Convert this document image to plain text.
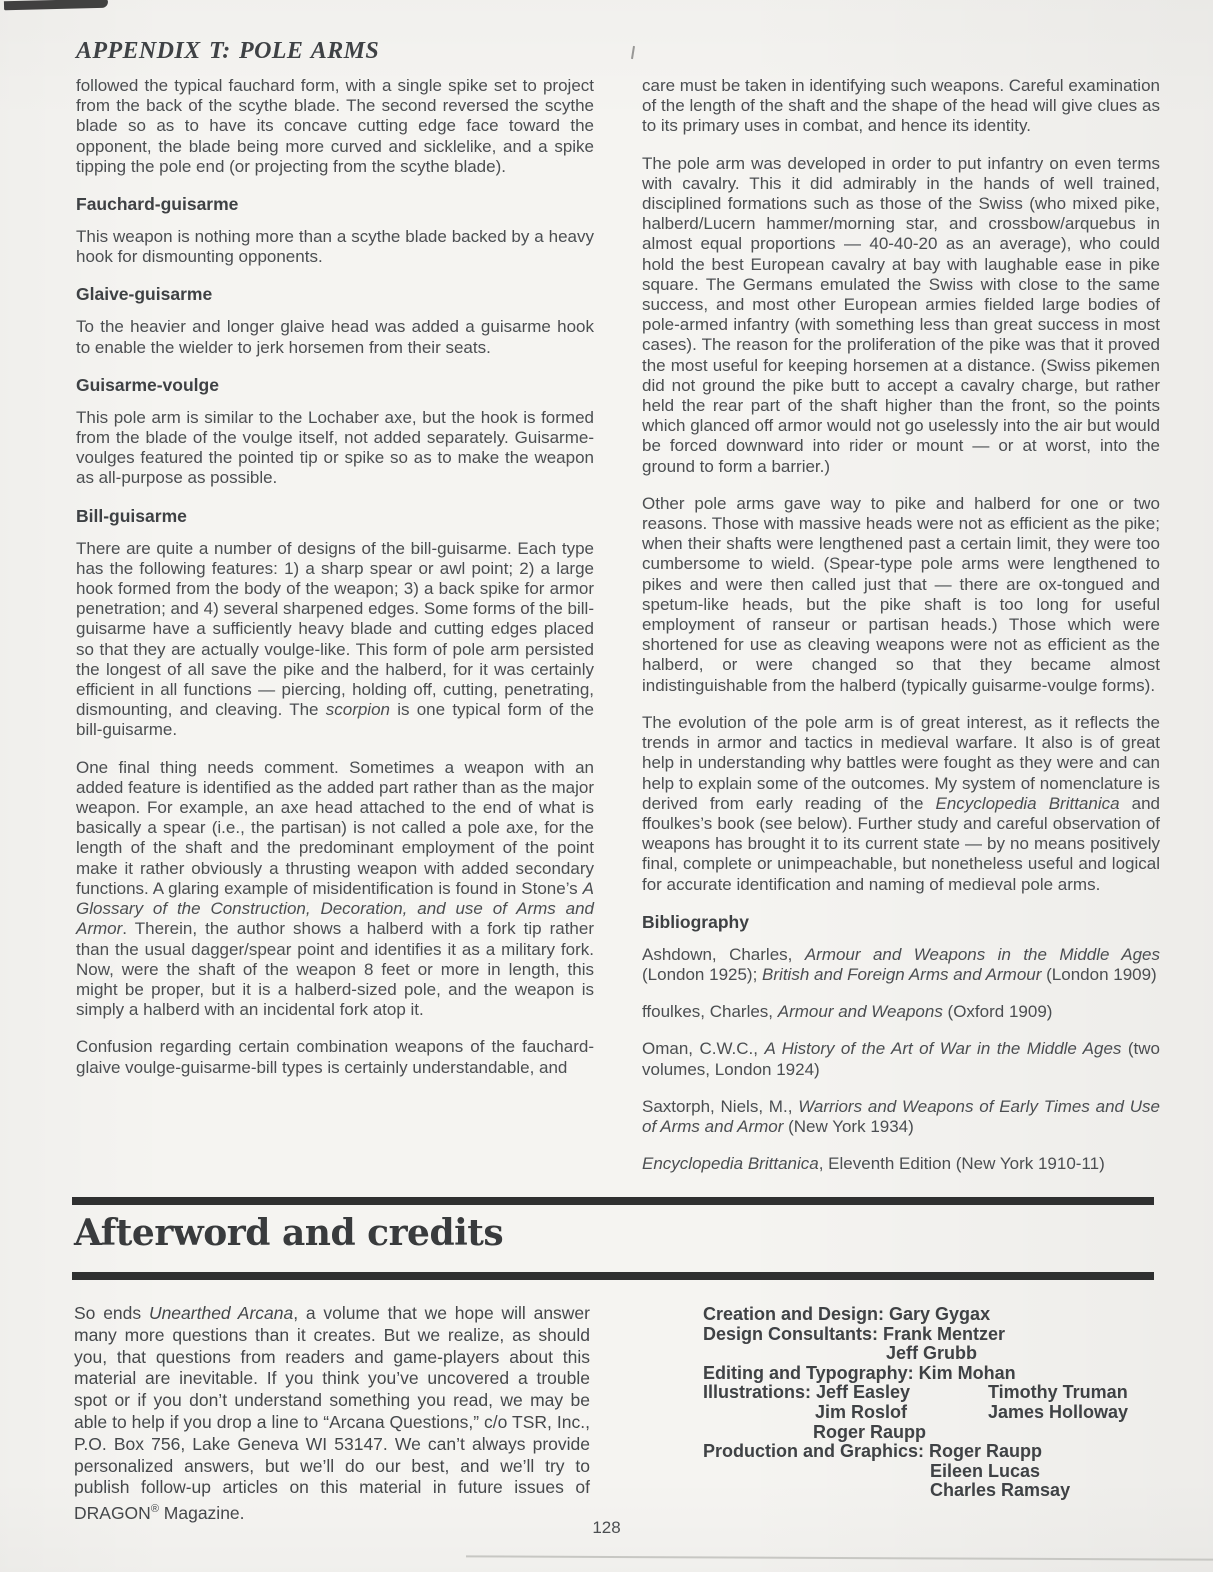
APPENDIX T: POLE ARMS

followed the typical fauchard form, with a single spike set to project from the back of the scythe blade. The second reversed the scythe blade so as to have its concave cutting edge face toward the opponent, the blade being more curved and sicklelike, and a spike tipping the pole end (or projecting from the scythe blade).

Fauchard-guisarme

This weapon is nothing more than a scythe blade backed by a heavy hook for dismounting opponents.

Glaive-guisarme

To the heavier and longer glaive head was added a guisarme hook to enable the wielder to jerk horsemen from their seats.

Guisarme-voulge

This pole arm is similar to the Lochaber axe, but the hook is formed from the blade of the voulge itself, not added separately. Guisarme-voulges featured the pointed tip or spike so as to make the weapon as all-purpose as possible.

Bill-guisarme

There are quite a number of designs of the bill-guisarme. Each type has the following features: 1) a sharp spear or awl point; 2) a large hook formed from the body of the weapon; 3) a back spike for armor penetration; and 4) several sharpened edges. Some forms of the bill-guisarme have a sufficiently heavy blade and cutting edges placed so that they are actually voulge-like. This form of pole arm persisted the longest of all save the pike and the halberd, for it was certainly efficient in all functions — piercing, holding off, cutting, penetrating, dismounting, and cleaving. The scorpion is one typical form of the bill-guisarme.

One final thing needs comment. Sometimes a weapon with an added feature is identified as the added part rather than as the major weapon. For example, an axe head attached to the end of what is basically a spear (i.e., the partisan) is not called a pole axe, for the length of the shaft and the predominant employment of the point make it rather obviously a thrusting weapon with added secondary functions. A glaring example of misidentification is found in Stone’s A Glossary of the Construction, Decoration, and use of Arms and Armor. Therein, the author shows a halberd with a fork tip rather than the usual dagger/spear point and identifies it as a military fork. Now, were the shaft of the weapon 8 feet or more in length, this might be proper, but it is a halberd-sized pole, and the weapon is simply a halberd with an incidental fork atop it.

Confusion regarding certain combination weapons of the fauchard-glaive voulge-guisarme-bill types is certainly understandable, and

care must be taken in identifying such weapons. Careful examination of the length of the shaft and the shape of the head will give clues as to its primary uses in combat, and hence its identity.

The pole arm was developed in order to put infantry on even terms with cavalry. This it did admirably in the hands of well trained, disciplined formations such as those of the Swiss (who mixed pike, halberd/Lucern hammer/morning star, and crossbow/arquebus in almost equal proportions — 40-40-20 as an average), who could hold the best European cavalry at bay with laughable ease in pike square. The Germans emulated the Swiss with close to the same success, and most other European armies fielded large bodies of pole-armed infantry (with something less than great success in most cases). The reason for the proliferation of the pike was that it proved the most useful for keeping horsemen at a distance. (Swiss pikemen did not ground the pike butt to accept a cavalry charge, but rather held the rear part of the shaft higher than the front, so the points which glanced off armor would not go uselessly into the air but would be forced downward into rider or mount — or at worst, into the ground to form a barrier.)

Other pole arms gave way to pike and halberd for one or two reasons. Those with massive heads were not as efficient as the pike; when their shafts were lengthened past a certain limit, they were too cumbersome to wield. (Spear-type pole arms were lengthened to pikes and were then called just that — there are ox-tongued and spetum-like heads, but the pike shaft is too long for useful employment of ranseur or partisan heads.) Those which were shortened for use as cleaving weapons were not as efficient as the halberd, or were changed so that they became almost indistinguishable from the halberd (typically guisarme-voulge forms).

The evolution of the pole arm is of great interest, as it reflects the trends in armor and tactics in medieval warfare. It also is of great help in understanding why battles were fought as they were and can help to explain some of the outcomes. My system of nomenclature is derived from early reading of the Encyclopedia Brittanica and ffoulkes’s book (see below). Further study and careful observation of weapons has brought it to its current state — by no means positively final, complete or unimpeachable, but nonetheless useful and logical for accurate identification and naming of medieval pole arms.

Bibliography

Ashdown, Charles, Armour and Weapons in the Middle Ages (London 1925); British and Foreign Arms and Armour (London 1909)

ffoulkes, Charles, Armour and Weapons (Oxford 1909)

Oman, C.W.C., A History of the Art of War in the Middle Ages (two volumes, London 1924)

Saxtorph, Niels, M., Warriors and Weapons of Early Times and Use of Arms and Armor (New York 1934)

Encyclopedia Brittanica, Eleventh Edition (New York 1910-11)

Afterword and credits

So ends Unearthed Arcana, a volume that we hope will answer many more questions than it creates. But we realize, as should you, that questions from readers and game-players about this material are inevitable. If you think you’ve uncovered a trouble spot or if you don’t understand something you read, we may be able to help if you drop a line to “Arcana Questions,” c/o TSR, Inc., P.O. Box 756, Lake Geneva WI 53147. We can’t always provide personalized answers, but we’ll do our best, and we’ll try to publish follow-up articles on this material in future issues of DRAGON® Magazine.

Creation and Design: Gary Gygax
Design Consultants: Frank Mentzer
Jeff Grubb
Editing and Typography: Kim Mohan
Illustrations: Jeff Easley	Timothy Truman
Jim Roslof	James Holloway
Roger Raupp
Production and Graphics: Roger Raupp
Eileen Lucas
Charles Ramsay
128
